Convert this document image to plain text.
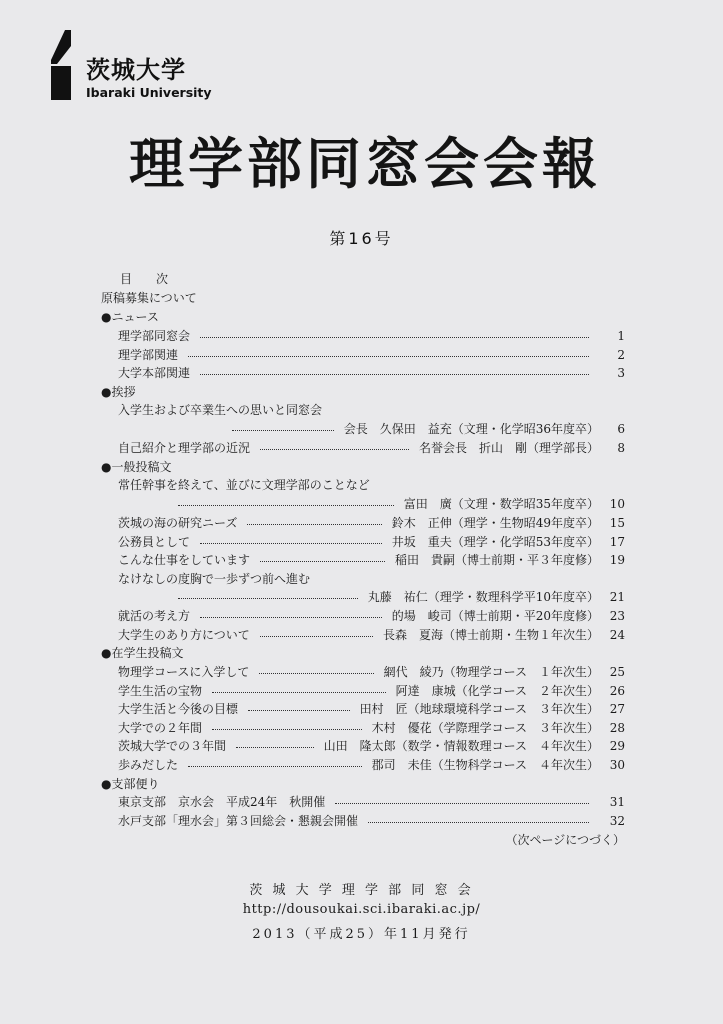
茨城大学
Ibaraki University
理学部同窓会会報
第16号
目　　次
原稿募集について
●ニュース
理学部同窓会	1
理学部関連	2
大学本部関連	3
●挨拶
入学生および卒業生への思いと同窓会
会長　久保田　益充（文理・化学昭36年度卒）	6
自己紹介と理学部の近況	名誉会長　折山　剛（理学部長）	8
●一般投稿文
常任幹事を終えて、並びに文理学部のことなど
富田　廣（文理・数学昭35年度卒） 10
茨城の海の研究ニーズ	鈴木　正伸（理学・生物昭49年度卒） 15
公務員として	井坂　重夫（理学・化学昭53年度卒） 17
こんな仕事をしています	稲田　貴嗣（博士前期・平３年度修） 19
なけなしの度胸で一歩ずつ前へ進む
丸藤　祐仁（理学・数理科学平10年度卒） 21
就活の考え方	的場　峻司（博士前期・平20年度修） 23
大学生のあり方について	長森　夏海（博士前期・生物１年次生） 24
●在学生投稿文
物理学コースに入学して	網代　綾乃（物理学コース　１年次生） 25
学生生活の宝物	阿達　康城（化学コース　２年次生） 26
大学生活と今後の目標	田村　匠（地球環境科学コース　３年次生） 27
大学での２年間	木村　優花（学際理学コース　３年次生） 28
茨城大学での３年間	山田　隆太郎（数学・情報数理コース　４年次生） 29
歩みだした	郡司　未佳（生物科学コース　４年次生） 30
●支部便り
東京支部　京水会　平成24年　秋開催	31
水戸支部「理水会」第３回総会・懇親会開催	32
（次ページにつづく）
茨 城 大 学 理 学 部 同 窓 会
http://dousoukai.sci.ibaraki.ac.jp/
2013（平成25）年11月発行
